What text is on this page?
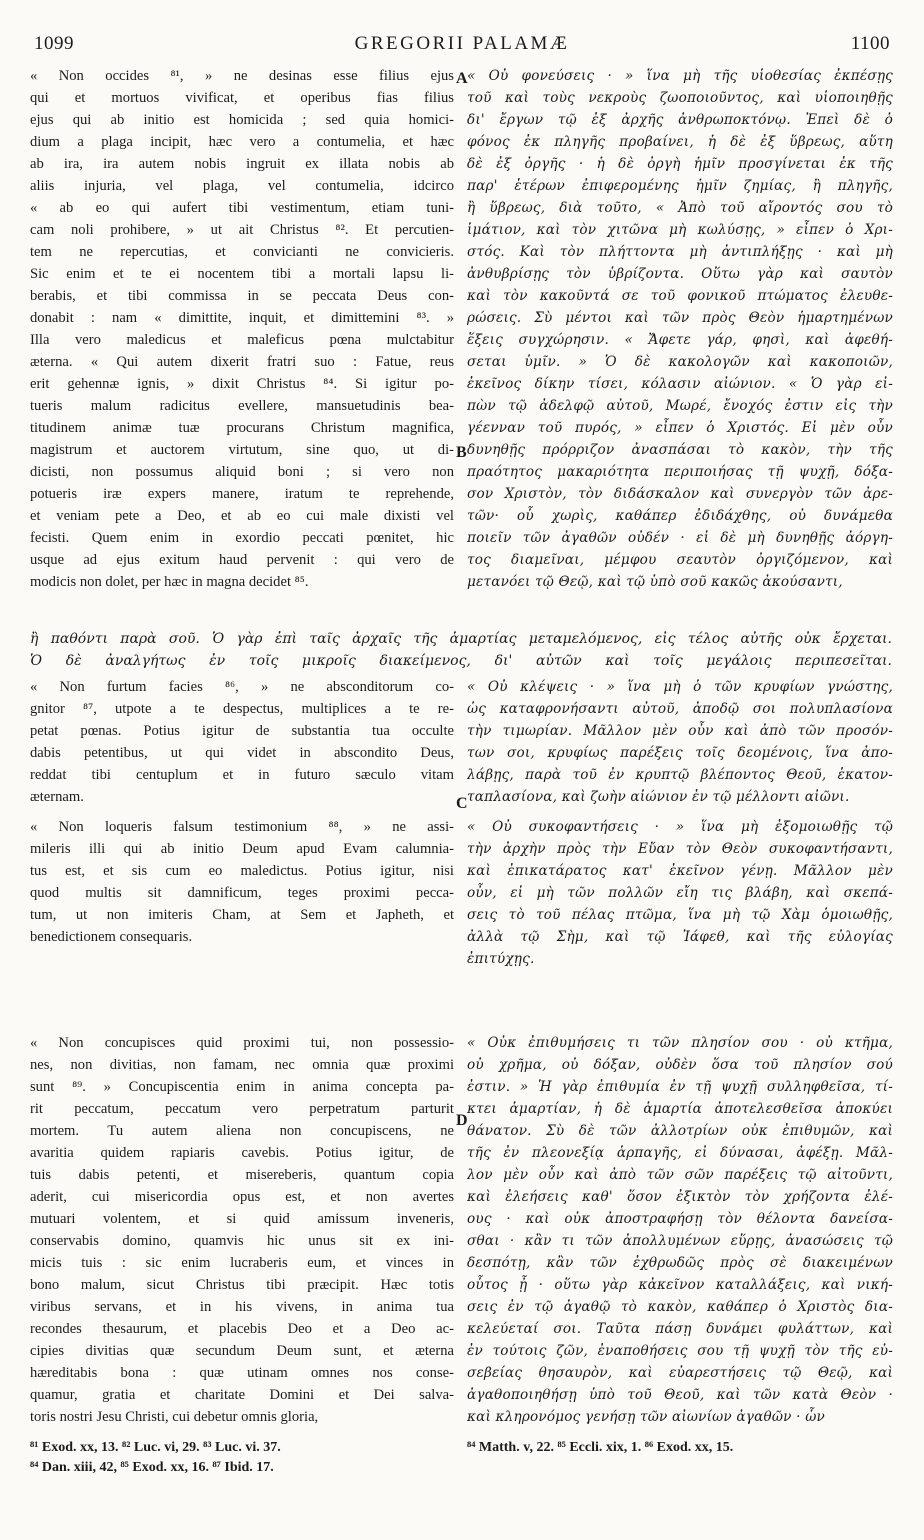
1099	GREGORII PALAMÆ	1100
A
B
C
D
« Non occides ⁸¹, » ne desinas esse filius ejus
qui et mortuos vivificat, et operibus fias filius
ejus qui ab initio est homicida ; sed quia homici-
dium a plaga incipit, hæc vero a contumelia, et hæc
ab ira, ira autem nobis ingruit ex illata nobis ab
aliis injuria, vel plaga, vel contumelia, idcirco
« ab eo qui aufert tibi vestimentum, etiam tuni-
cam noli prohibere, » ut ait Christus ⁸². Et percutien-
tem ne repercutias, et convicianti ne convicieris.
Sic enim et te ei nocentem tibi a mortali lapsu li-
berabis, et tibi commissa in se peccata Deus con-
donabit : nam « dimittite, inquit, et dimittemini ⁸³. »
Illa vero maledicus et maleficus pœna mulctabitur
æterna. « Qui autem dixerit fratri suo : Fatue, reus
erit gehennæ ignis, » dixit Christus ⁸⁴. Si igitur po-
tueris malum radicitus evellere, mansuetudinis bea-
titudinem animæ tuæ procurans Christum magnifica,
magistrum et auctorem virtutum, sine quo, ut di-
dicisti, non possumus aliquid boni ; si vero non
potueris iræ expers manere, iratum te reprehende,
et veniam pete a Deo, et ab eo cui male dixisti vel
fecisti. Quem enim in exordio peccati pœnitet, hic
usque ad ejus exitum haud pervenit : qui vero de
modicis non dolet, per hæc in magna decidet ⁸⁵.
« Οὐ φονεύσεις · » ἵνα μὴ τῆς υἱοθεσίας ἐκπέσῃς
τοῦ καὶ τοὺς νεκροὺς ζωοποιοῦντος, καὶ υἱοποιηθῇς
δι' ἔργων τῷ ἐξ ἀρχῆς ἀνθρωποκτόνῳ. Ἐπεὶ δὲ ὁ
φόνος ἐκ πληγῆς προβαίνει, ἡ δὲ ἐξ ὕβρεως, αὕτη
δὲ ἐξ ὀργῆς · ἡ δὲ ὀργὴ ἡμῖν προσγίνεται ἐκ τῆς
παρ' ἑτέρων ἐπιφερομένης ἡμῖν ζημίας, ἢ πληγῆς,
ἢ ὕβρεως, διὰ τοῦτο, « Ἀπὸ τοῦ αἴροντός σου τὸ
ἱμάτιον, καὶ τὸν χιτῶνα μὴ κωλύσῃς, » εἶπεν ὁ Χρι-
στός. Καὶ τὸν πλήττοντα μὴ ἀντιπλήξῃς · καὶ μὴ
ἀνθυβρίσῃς τὸν ὑβρίζοντα. Οὕτω γὰρ καὶ σαυτὸν
καὶ τὸν κακοῦντά σε τοῦ φονικοῦ πτώματος ἐλευθε-
ρώσεις. Σὺ μέντοι καὶ τῶν πρὸς Θεὸν ἡμαρτημένων
ἕξεις συγχώρησιν. « Ἄφετε γάρ, φησὶ, καὶ ἀφεθή-
σεται ὑμῖν. » Ὁ δὲ κακολογῶν καὶ κακοποιῶν,
ἐκεῖνος δίκην τίσει, κόλασιν αἰώνιον. « Ὁ γὰρ εἰ-
πὼν τῷ ἀδελφῷ αὐτοῦ, Μωρέ, ἔνοχός ἐστιν εἰς τὴν
γέενναν τοῦ πυρός, » εἶπεν ὁ Χριστός. Εἰ μὲν οὖν
δυνηθῇς πρόρριζον ἀνασπάσαι τὸ κακὸν, τὴν τῆς
πραότητος μακαριότητα περιποιήσας τῇ ψυχῇ, δόξα-
σον Χριστὸν, τὸν διδάσκαλον καὶ συνεργὸν τῶν ἀρε-
τῶν· οὗ χωρὶς, καθάπερ ἐδιδάχθης, οὐ δυνάμεθα
ποιεῖν τῶν ἀγαθῶν οὐδέν · εἰ δὲ μὴ δυνηθῇς ἀόργη-
τος διαμεῖναι, μέμφου σεαυτὸν ὀργιζόμενον, καὶ
μετανόει τῷ Θεῷ, καὶ τῷ ὑπὸ σοῦ κακῶς ἀκούσαντι,
ἢ παθόντι παρὰ σοῦ. Ὁ γὰρ ἐπὶ ταῖς ἀρχαῖς τῆς ἁμαρτίας μεταμελόμενος, εἰς τέλος αὐτῆς οὐκ ἔρχεται.
Ὁ δὲ ἀναλγήτως ἐν τοῖς μικροῖς διακείμενος, δι' αὐτῶν καὶ τοῖς μεγάλοις περιπεσεῖται.
« Non furtum facies ⁸⁶, » ne absconditorum co-
gnitor ⁸⁷, utpote a te despectus, multiplices a te re-
petat pœnas. Potius igitur de substantia tua occulte
dabis petentibus, ut qui videt in abscondito Deus,
reddat tibi centuplum et in futuro sæculo vitam
æternam.
« Non loqueris falsum testimonium ⁸⁸, » ne assi-
mileris illi qui ab initio Deum apud Evam calumnia-
tus est, et sis cum eo maledictus. Potius igitur, nisi
quod multis sit damnificum, teges proximi pecca-
tum, ut non imiteris Cham, at Sem et Japheth, et
benedictionem consequaris.
« Οὐ κλέψεις · » ἵνα μὴ ὁ τῶν κρυφίων γνώστης,
ὡς καταφρονήσαντι αὐτοῦ, ἀποδῷ σοι πολυπλασίονα
τὴν τιμωρίαν. Μᾶλλον μὲν οὖν καὶ ἀπὸ τῶν προσόν-
των σοι, κρυφίως παρέξεις τοῖς δεομένοις, ἵνα ἀπο-
λάβῃς, παρὰ τοῦ ἐν κρυπτῷ βλέποντος Θεοῦ, ἑκατον-
ταπλασίονα, καὶ ζωὴν αἰώνιον ἐν τῷ μέλλοντι αἰῶνι.
« Οὐ συκοφαντήσεις · » ἵνα μὴ ἐξομοιωθῇς τῷ
τὴν ἀρχὴν πρὸς τὴν Εὔαν τὸν Θεὸν συκοφαντήσαντι,
καὶ ἐπικατάρατος κατ' ἐκεῖνον γένῃ. Μᾶλλον μὲν
οὖν, εἰ μὴ τῶν πολλῶν εἴη τις βλάβη, καὶ σκεπά-
σεις τὸ τοῦ πέλας πτῶμα, ἵνα μὴ τῷ Χὰμ ὁμοιωθῇς,
ἀλλὰ τῷ Σὴμ, καὶ τῷ Ἰάφεθ, καὶ τῆς εὐλογίας
ἐπιτύχῃς.
« Non concupisces quid proximi tui, non possessio-
nes, non divitias, non famam, nec omnia quæ proximi
sunt ⁸⁹. » Concupiscentia enim in anima concepta pa-
rit peccatum, peccatum vero perpetratum parturit
mortem. Tu autem aliena non concupiscens, ne
avaritia quidem rapiaris cavebis. Potius igitur, de
tuis dabis petenti, et misereberis, quantum copia
aderit, cui misericordia opus est, et non avertes
mutuari volentem, et si quid amissum inveneris,
conservabis domino, quamvis hic unus sit ex ini-
micis tuis : sic enim lucraberis eum, et vinces in
bono malum, sicut Christus tibi præcipit. Hæc totis
viribus servans, et in his vivens, in anima tua
recondes thesaurum, et placebis Deo et a Deo ac-
cipies divitias quæ secundum Deum sunt, et æterna
hæreditabis bona : quæ utinam omnes nos conse-
quamur, gratia et charitate Domini et Dei salva-
toris nostri Jesu Christi, cui debetur omnis gloria,
« Οὐκ ἐπιθυμήσεις τι τῶν πλησίον σου · οὐ κτῆμα,
οὐ χρῆμα, οὐ δόξαν, οὐδὲν ὅσα τοῦ πλησίον σού
ἐστιν. » Ἡ γὰρ ἐπιθυμία ἐν τῇ ψυχῇ συλληφθεῖσα, τί-
κτει ἁμαρτίαν, ἡ δὲ ἁμαρτία ἀποτελεσθεῖσα ἀποκύει
θάνατον. Σὺ δὲ τῶν ἀλλοτρίων οὐκ ἐπιθυμῶν, καὶ
τῆς ἐν πλεονεξίᾳ ἁρπαγῆς, εἰ δύνασαι, ἀφέξῃ. Μᾶλ-
λον μὲν οὖν καὶ ἀπὸ τῶν σῶν παρέξεις τῷ αἰτοῦντι,
καὶ ἐλεήσεις καθ' ὅσον ἐξικτὸν τὸν χρήζοντα ἐλέ-
ους · καὶ οὐκ ἀποστραφήσῃ τὸν θέλοντα δανείσα-
σθαι · κἂν τι τῶν ἀπολλυμένων εὕρῃς, ἀνασώσεις τῷ
δεσπότῃ, κἂν τῶν ἐχθρωδῶς πρὸς σὲ διακειμένων
οὗτος ᾖ · οὕτω γὰρ κἀκεῖνον κατaλλάξεις, καὶ νική-
σεις ἐν τῷ ἀγαθῷ τὸ κακὸν, καθάπερ ὁ Χριστὸς δια-
κελεύεταί σοι. Ταῦτα πάσῃ δυνάμει φυλάττων, καὶ
ἐν τούτοις ζῶν, ἐναποθήσεις σου τῇ ψυχῇ τὸν τῆς εὐ-
σεβείας θησαυρὸν, καὶ εὐαρεστήσεις τῷ Θεῷ, καὶ
ἀγαθοποιηθήσῃ ὑπὸ τοῦ Θεοῦ, καὶ τῶν κατὰ Θεὸν ·
καὶ κληρονόμος γενήσῃ τῶν αἰωνίων ἀγαθῶν · ὧν
⁸¹ Exod. xx, 13. ⁸² Luc. vi, 29. ⁸³ Luc. vi. 37.
⁸⁴ Dan. xiii, 42, ⁸⁵ Exod. xx, 16. ⁸⁷ Ibid. 17.
⁸⁴ Matth. v, 22. ⁸⁵ Eccli. xix, 1. ⁸⁶ Exod. xx, 15.
